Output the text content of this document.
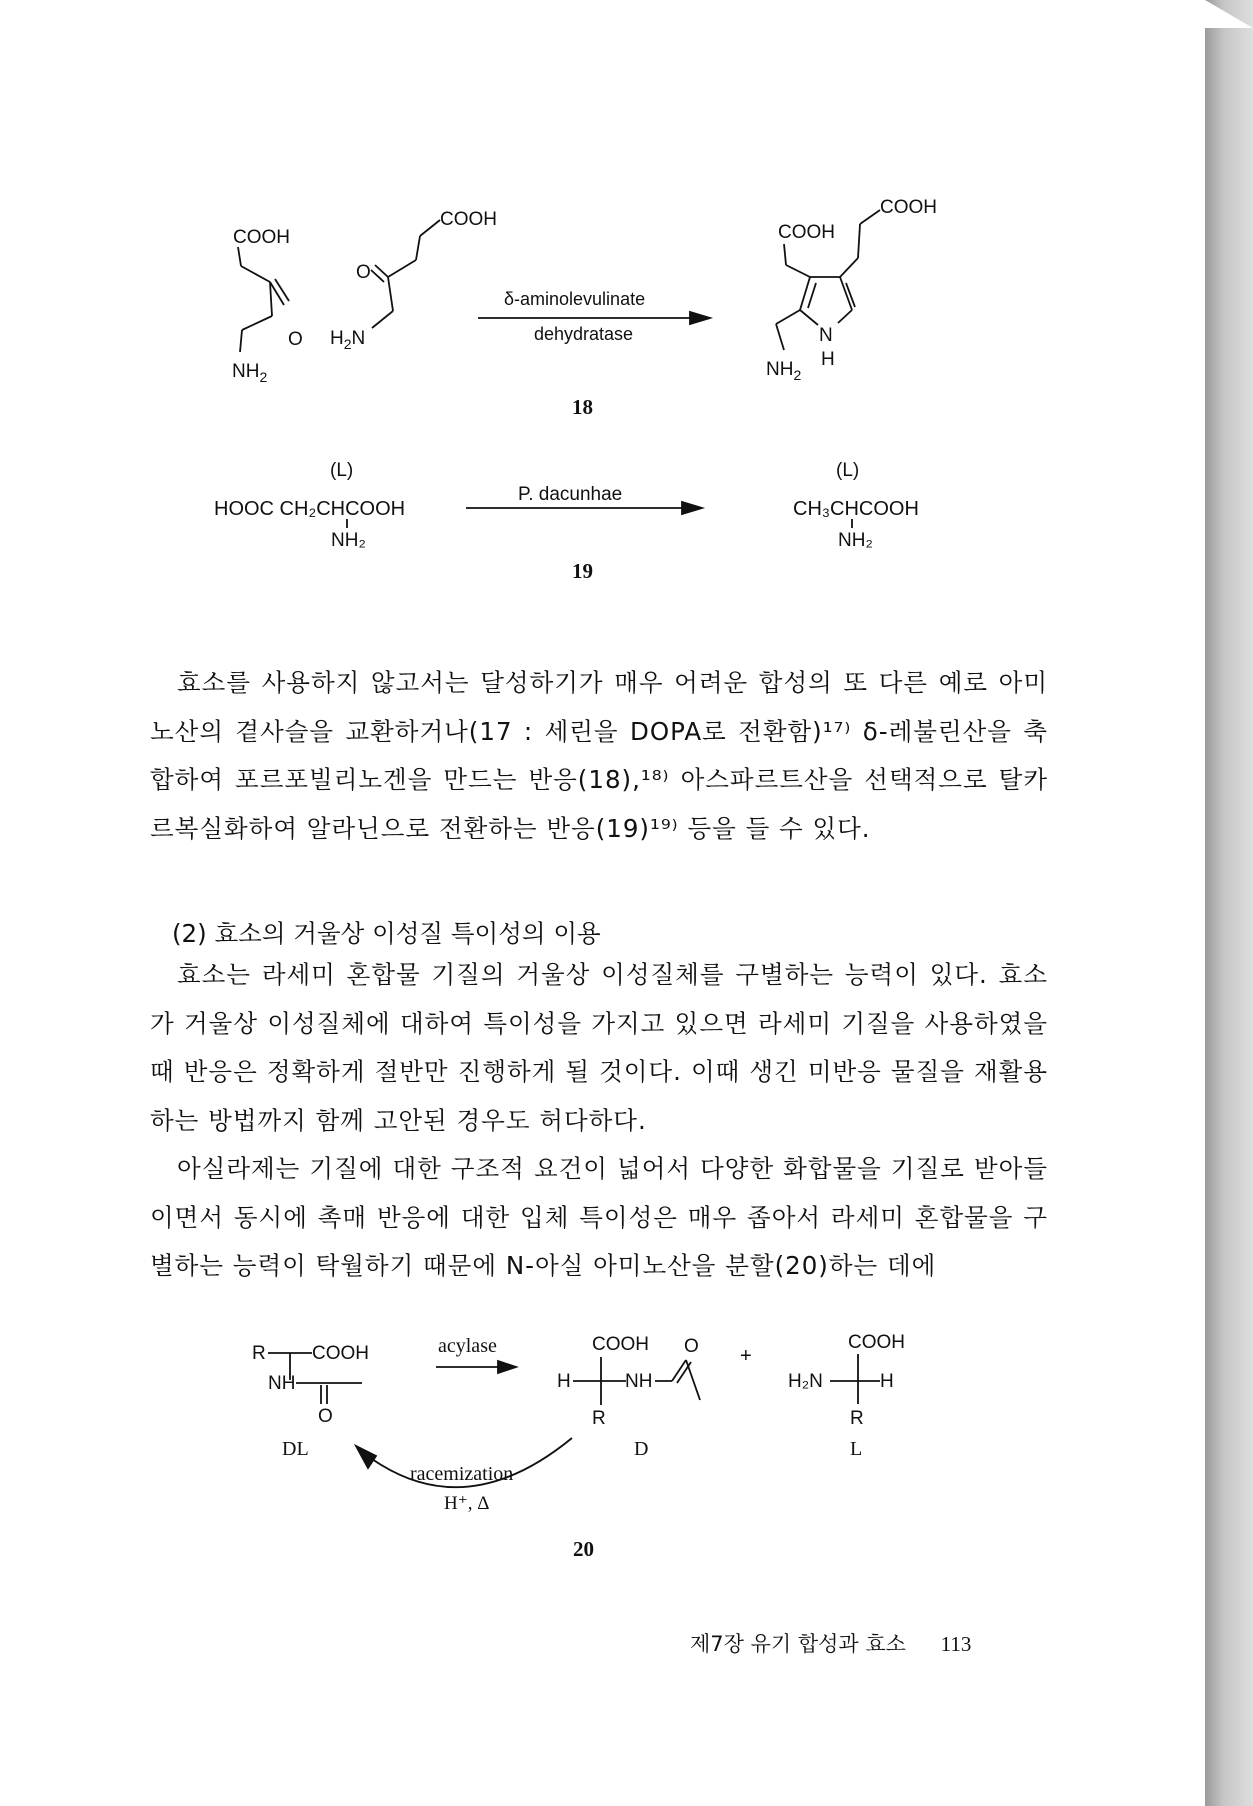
COOH
O
$NH_2$
COOH
O
$H_2N$
δ-aminolevulinate
dehydratase
COOH
COOH
N
H
$NH_2$
18
(L)
HOOC CH₂CHCOOH
NH₂
P. dacunhae
(L)
CH₃CHCOOH
NH₂
19

효소를 사용하지 않고서는 달성하기가 매우 어려운 합성의 또 다른 예로 아미노산의 곁사슬을 교환하거나(17 : 세린을 DOPA로 전환함)¹⁷⁾ δ-레불린산을 축합하여 포르포빌리노겐을 만드는 반응(18),¹⁸⁾ 아스파르트산을 선택적으로 탈카르복실화하여 알라닌으로 전환하는 반응(19)¹⁹⁾ 등을 들 수 있다.

(2) 효소의 거울상 이성질 특이성의 이용

효소는 라세미 혼합물 기질의 거울상 이성질체를 구별하는 능력이 있다. 효소가 거울상 이성질체에 대하여 특이성을 가지고 있으면 라세미 기질을 사용하였을 때 반응은 정확하게 절반만 진행하게 될 것이다. 이때 생긴 미반응 물질을 재활용하는 방법까지 함께 고안된 경우도 허다하다.

아실라제는 기질에 대한 구조적 요건이 넓어서 다양한 화합물을 기질로 받아들이면서 동시에 촉매 반응에 대한 입체 특이성은 매우 좁아서 라세미 혼합물을 구별하는 능력이 탁월하기 때문에 N-아실 아미노산을 분할(20)하는 데에

R COOH
NH
O
DL
acylase	COOH
H	NH
O
R
D
+
COOH
H₂N	H
R
L
racemization
H⁺, Δ
20
제7장 유기 합성과 효소 113
